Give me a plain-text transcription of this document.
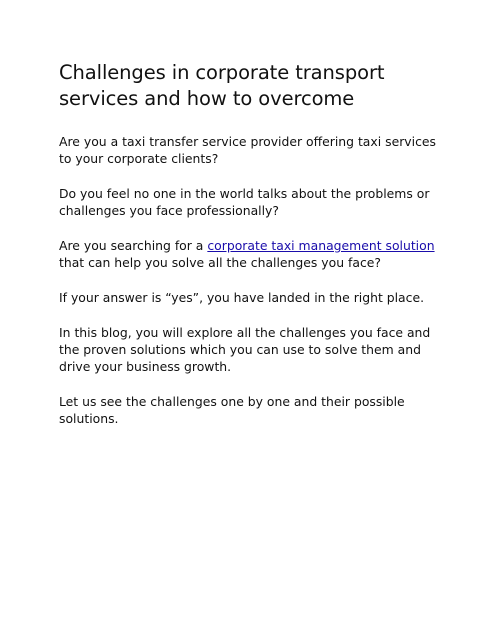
Challenges in corporate transport services and how to overcome

Are you a taxi transfer service provider offering taxi services to your corporate clients?

Do you feel no one in the world talks about the problems or challenges you face professionally?

Are you searching for a corporate taxi management solution that can help you solve all the challenges you face?

If your answer is “yes”, you have landed in the right place.

In this blog, you will explore all the challenges you face and the proven solutions which you can use to solve them and drive your business growth.

Let us see the challenges one by one and their possible solutions.
